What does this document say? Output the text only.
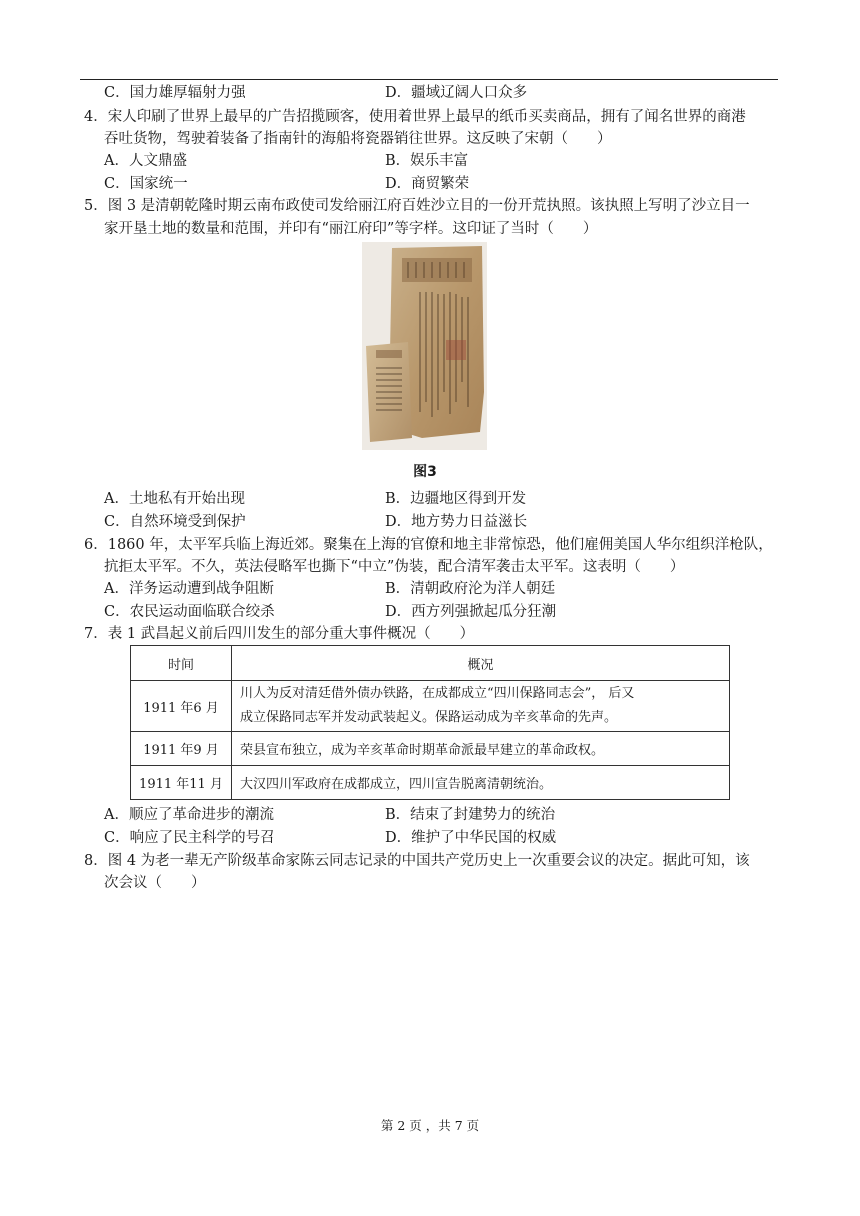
C．国力雄厚辐射力强	D．疆域辽阔人口众多
4．宋人印刷了世界上最早的广告招揽顾客，使用着世界上最早的纸币买卖商品，拥有了闻名世界的商港
吞吐货物，驾驶着装备了指南针的海船将瓷器销往世界。这反映了宋朝（　　）
A．人文鼎盛	B．娱乐丰富
C．国家统一	D．商贸繁荣
5．图 3 是清朝乾隆时期云南布政使司发给丽江府百姓沙立目的一份开荒执照。该执照上写明了沙立目一
家开垦土地的数量和范围，并印有“丽江府印”等字样。这印证了当时（　　）
图3
A．土地私有开始出现	B．边疆地区得到开发
C．自然环境受到保护	D．地方势力日益滋长
6．1860 年，太平军兵临上海近郊。聚集在上海的官僚和地主非常惊恐，他们雇佣美国人华尔组织洋枪队，
抗拒太平军。不久，英法侵略军也撕下“中立”伪装，配合清军袭击太平军。这表明（　　）
A．洋务运动遭到战争阻断	B．清朝政府沦为洋人朝廷
C．农民运动面临联合绞杀	D．西方列强掀起瓜分狂潮
7．表 1 武昌起义前后四川发生的部分重大事件概况（　　）
时间	概况
1911 年6 月	川人为反对清廷借外债办铁路，在成都成立“四川保路同志会”， 后又
成立保路同志军并发动武装起义。保路运动成为辛亥革命的先声。

1911 年9 月	荣县宣布独立，成为辛亥革命时期革命派最早建立的革命政权。
1911 年11 月	大汉四川军政府在成都成立，四川宣告脱离清朝统治。
A．顺应了革命进步的潮流	B．结束了封建势力的统治
C．响应了民主科学的号召	D．维护了中华民国的权威
8．图 4 为老一辈无产阶级革命家陈云同志记录的中国共产党历史上一次重要会议的决定。据此可知，该
次会议（　　）
第 2 页 ，共 7 页
